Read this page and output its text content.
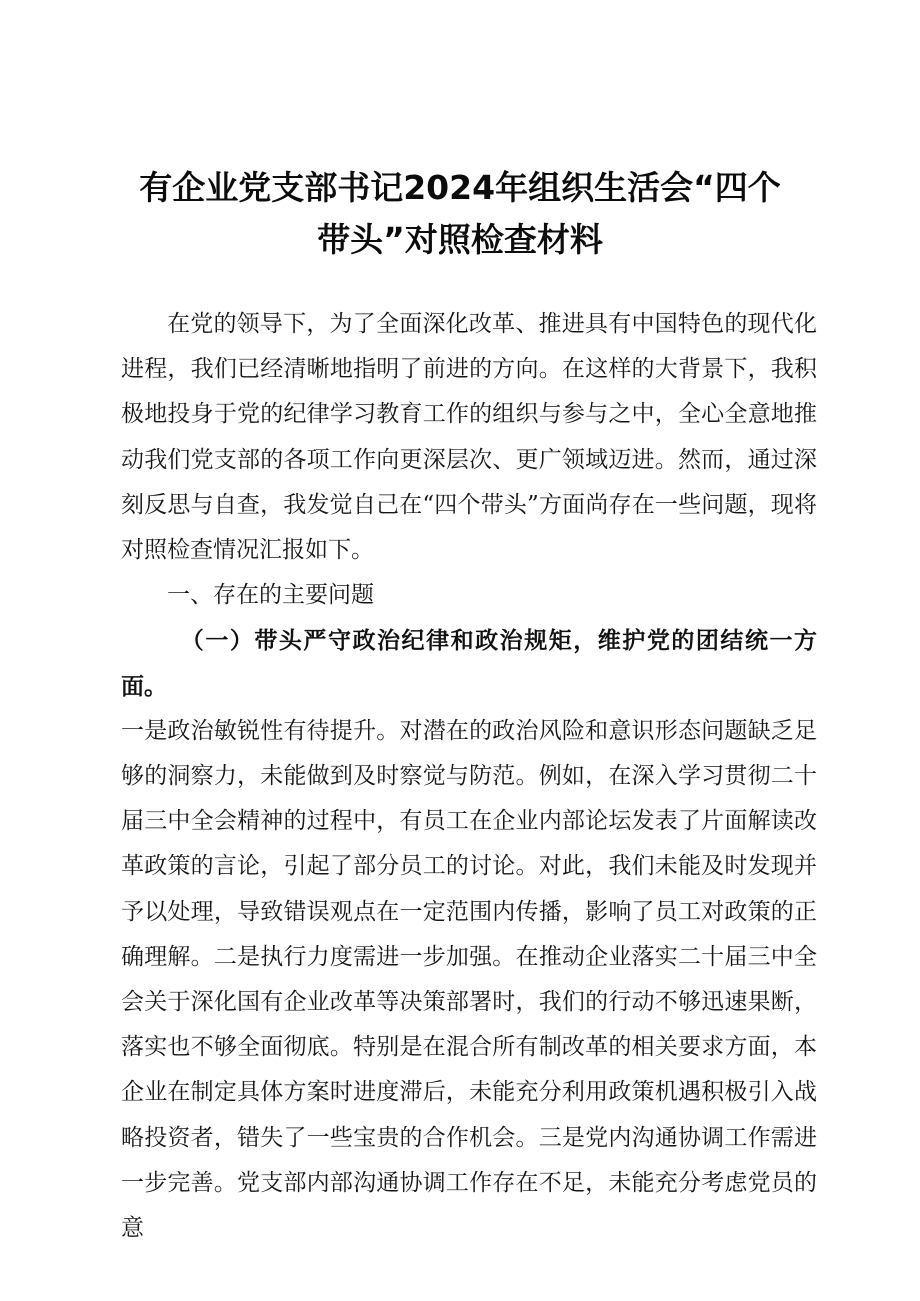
有企业党支部书记2024年组织生活会“四个
带头”对照检查材料

在党的领导下，为了全面深化改革、推进具有中国特色的现代化进程，我们已经清晰地指明了前进的方向。在这样的大背景下，我积极地投身于党的纪律学习教育工作的组织与参与之中，全心全意地推动我们党支部的各项工作向更深层次、更广领域迈进。然而，通过深刻反思与自查，我发觉自己在“四个带头”方面尚存在一些问题，现将对照检查情况汇报如下。

一、存在的主要问题

（一）带头严守政治纪律和政治规矩，维护党的团结统一方面。

一是政治敏锐性有待提升。对潜在的政治风险和意识形态问题缺乏足够的洞察力，未能做到及时察觉与防范。例如，在深入学习贯彻二十届三中全会精神的过程中，有员工在企业内部论坛发表了片面解读改革政策的言论，引起了部分员工的讨论。对此，我们未能及时发现并予以处理，导致错误观点在一定范围内传播，影响了员工对政策的正确理解。二是执行力度需进一步加强。在推动企业落实二十届三中全会关于深化国有企业改革等决策部署时，我们的行动不够迅速果断，落实也不够全面彻底。特别是在混合所有制改革的相关要求方面，本企业在制定具体方案时进度滞后，未能充分利用政策机遇积极引入战略投资者，错失了一些宝贵的合作机会。三是党内沟通协调工作需进一步完善。党支部内部沟通协调工作存在不足，未能充分考虑党员的意
